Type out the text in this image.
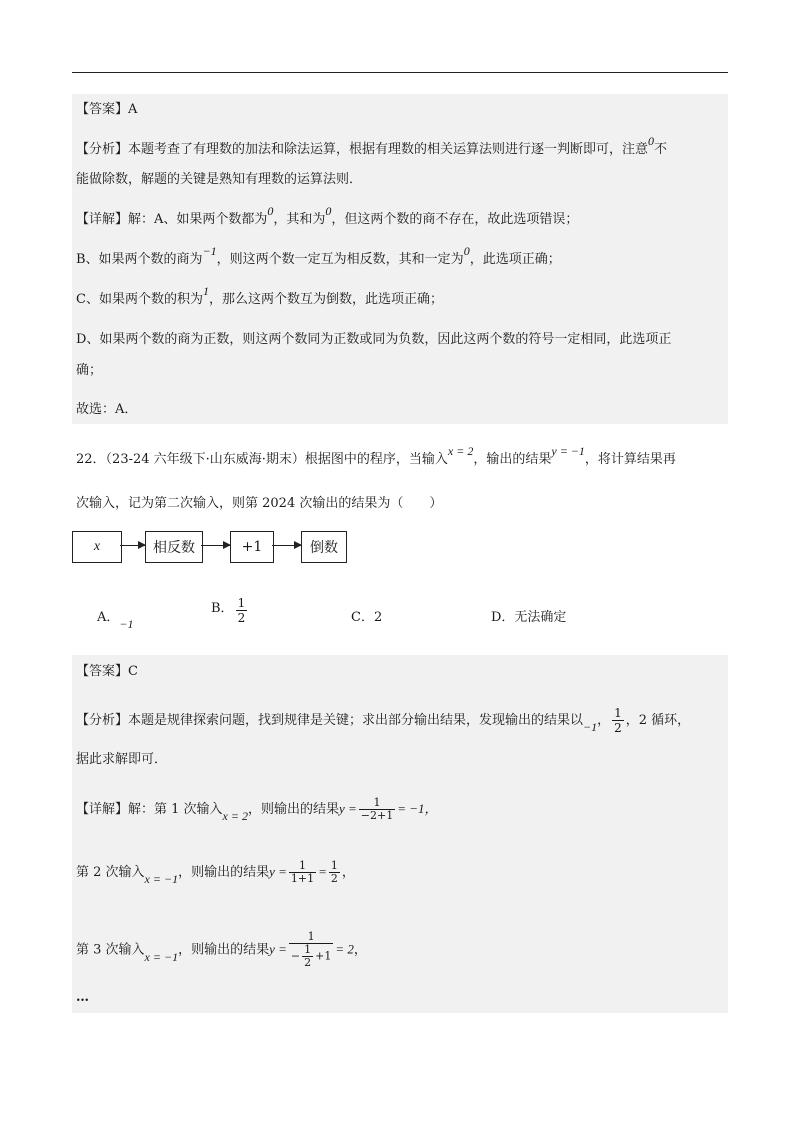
【答案】A
【分析】本题考查了有理数的加法和除法运算，根据有理数的相关运算法则进行逐一判断即可，注意0不
能做除数，解题的关键是熟知有理数的运算法则．
【详解】解：A、如果两个数都为0，其和为0，但这两个数的商不存在，故此选项错误；
B、如果两个数的商为−1，则这两个数一定互为相反数，其和一定为0，此选项正确；
C、如果两个数的积为1，那么这两个数互为倒数，此选项正确；
D、如果两个数的商为正数，则这两个数同为正数或同为负数，因此这两个数的符号一定相同，此选项正
确；
故选：A．
22．（23-24 六年级下·山东威海·期末）根据图中的程序，当输入x = 2，输出的结果y = −1，将计算结果再
次输入，记为第二次输入，则第 2024 次输出的结果为（　　）
x	相反数	+1	倒数
A．−1
B． $\frac{1}{2}$	C．2	D．无法确定
【答案】C
【分析】本题是规律探索问题，找到规律是关键；求出部分输出结果，发现输出的结果以−1， $\frac{1}{2}$ ，2 循环，
据此求解即可．
【详解】解：第 1 次输入x = 2，则输出的结果$y = \frac{1}{-2+1} = -1$，
第 2 次输入x = −1，则输出的结果$y = \frac{1}{1+1} = \frac{1}{2}$ ，
第 3 次输入x = −1，则输出的结果$y = \frac{1}{- \frac{1}{2} +1} = 2$，
…
